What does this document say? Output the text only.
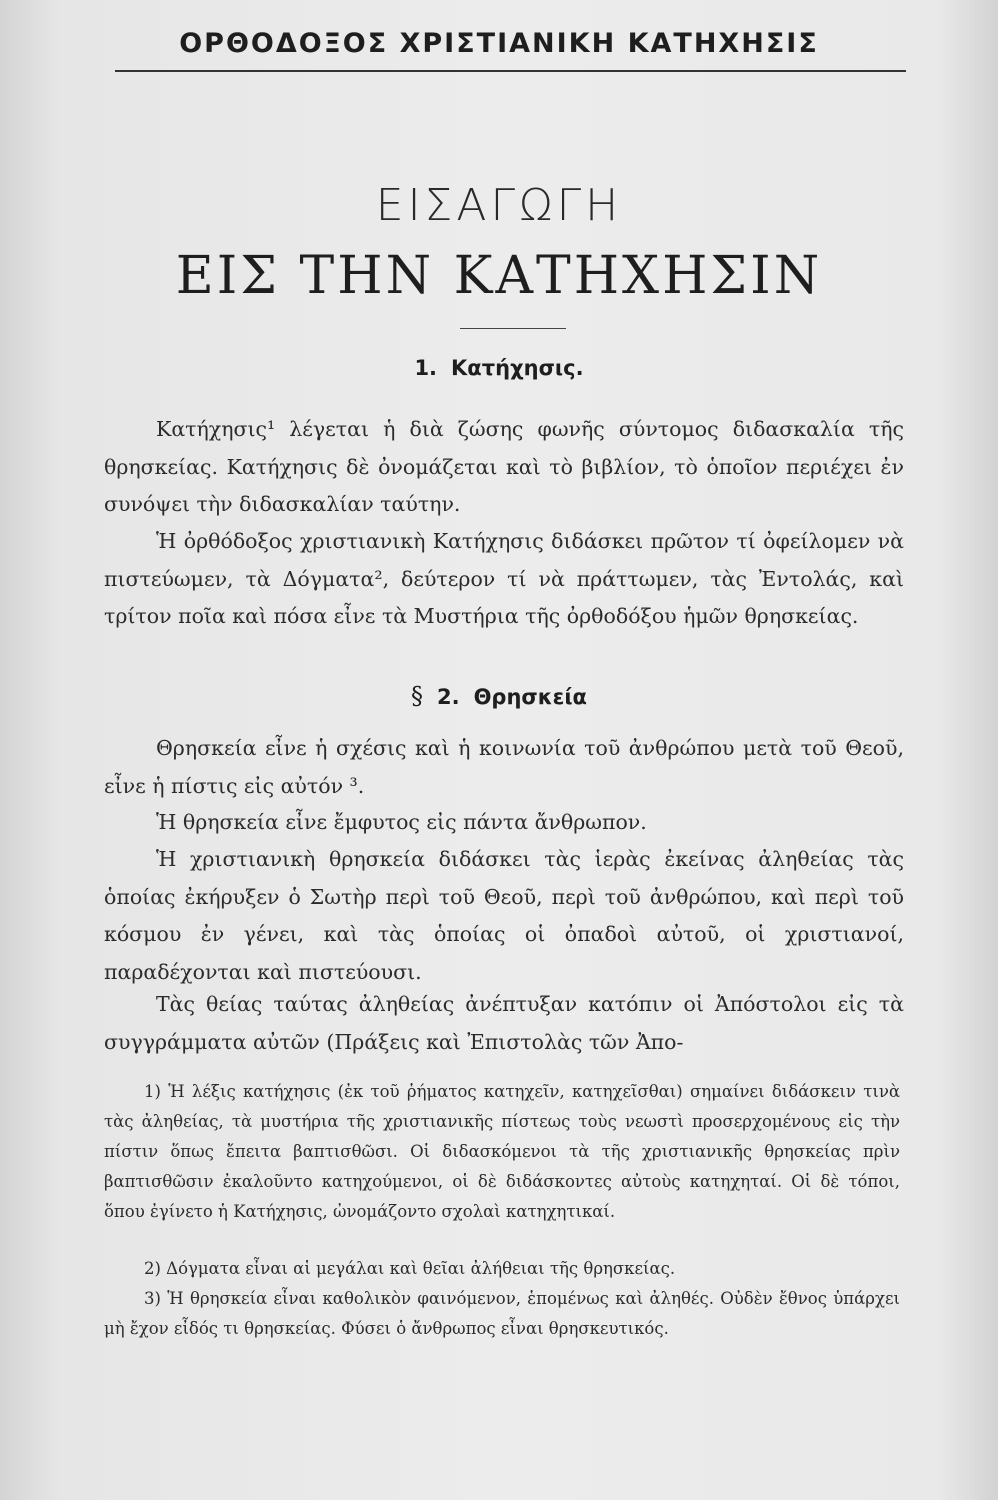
ΟΡΘΟΔΟΞΟΣ ΧΡΙΣΤΙΑΝΙΚΗ ΚΑΤΗΧΗΣΙΣ
ΕΙΣΑΓΩΓΗ
ΕΙΣ ΤΗΝ ΚΑΤΗΧΗΣΙΝ
1. Κατήχησις.

Κατήχησις¹ λέγεται ἡ διὰ ζώσης φωνῆς σύντομος διδασκαλία τῆς θρησκείας. Κατήχησις δὲ ὀνομάζεται καὶ τὸ βιβλίον, τὸ ὁποῖον περιέχει ἐν συνόψει τὴν διδασκαλίαν ταύτην.

Ἡ ὀρθόδοξος χριστιανικὴ Κατήχησις διδάσκει πρῶτον τί ὀφείλομεν νὰ πιστεύωμεν, τὰ Δόγματα², δεύτερον τί νὰ πράττωμεν, τὰς Ἐντολάς, καὶ τρίτον ποῖα καὶ πόσα εἶνε τὰ Μυστήρια τῆς ὀρθοδόξου ἡμῶν θρησκείας.

§ 2. Θρησκεία

Θρησκεία εἶνε ἡ σχέσις καὶ ἡ κοινωνία τοῦ ἀνθρώπου μετὰ τοῦ Θεοῦ, εἶνε ἡ πίστις εἰς αὐτόν ³.

Ἡ θρησκεία εἶνε ἔμφυτος εἰς πάντα ἄνθρωπον.

Ἡ χριστιανικὴ θρησκεία διδάσκει τὰς ἱερὰς ἐκείνας ἀληθείας τὰς ὁποίας ἐκήρυξεν ὁ Σωτὴρ περὶ τοῦ Θεοῦ, περὶ τοῦ ἀνθρώπου, καὶ περὶ τοῦ κόσμου ἐν γένει, καὶ τὰς ὁποίας οἱ ὀπαδοὶ αὐτοῦ, οἱ χριστιανοί, παραδέχονται καὶ πιστεύουσι.

Τὰς θείας ταύτας ἀληθείας ἀνέπτυξαν κατόπιν οἱ Ἀπόστολοι εἰς τὰ συγγράμματα αὐτῶν (Πράξεις καὶ Ἐπιστολὰς τῶν Ἀπο-

1) Ἡ λέξις κατήχησις (ἐκ τοῦ ῥήματος κατηχεῖν, κατηχεῖσθαι) σημαίνει διδάσκειν τινὰ τὰς ἀληθείας, τὰ μυστήρια τῆς χριστιανικῆς πίστεως τοὺς νεωστὶ προσερχομένους εἰς τὴν πίστιν ὅπως ἔπειτα βαπτισθῶσι. Οἱ διδασκόμενοι τὰ τῆς χριστιανικῆς θρησκείας πρὶν βαπτισθῶσιν ἐκαλοῦντο κατηχούμενοι, οἱ δὲ διδάσκοντες αὐτοὺς κατηχηταί. Οἱ δὲ τόποι, ὅπου ἐγίνετο ἡ Κατήχησις, ὠνομάζοντο σχολαὶ κατηχητικαί.

2) Δόγματα εἶναι αἱ μεγάλαι καὶ θεῖαι ἀλήθειαι τῆς θρησκείας.

3) Ἡ θρησκεία εἶναι καθολικὸν φαινόμενον, ἑπομένως καὶ ἀληθές. Οὐδὲν ἔθνος ὑπάρχει μὴ ἔχον εἶδός τι θρησκείας. Φύσει ὁ ἄνθρωπος εἶναι θρησκευτικός.
